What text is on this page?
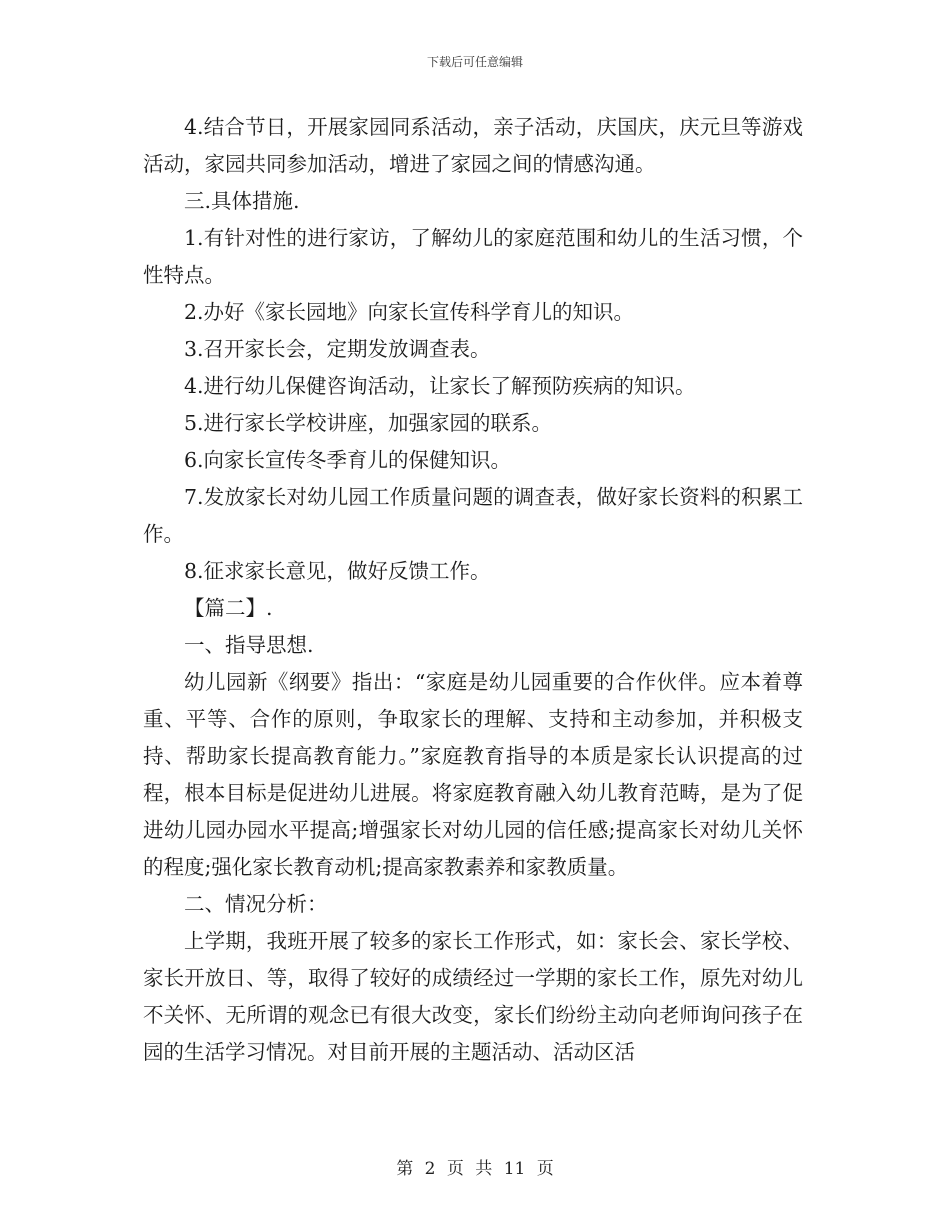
下载后可任意编辑

4.结合节日，开展家园同系活动，亲子活动，庆国庆，庆元旦等游戏活动，家园共同参加活动，增进了家园之间的情感沟通。

三.具体措施.

1.有针对性的进行家访，了解幼儿的家庭范围和幼儿的生活习惯，个性特点。

2.办好《家长园地》向家长宣传科学育儿的知识。

3.召开家长会，定期发放调查表。

4.进行幼儿保健咨询活动，让家长了解预防疾病的知识。

5.进行家长学校讲座，加强家园的联系。

6.向家长宣传冬季育儿的保健知识。

7.发放家长对幼儿园工作质量问题的调查表，做好家长资料的积累工作。

8.征求家长意见，做好反馈工作。

【篇二】.

一、指导思想.

幼儿园新《纲要》指出：“家庭是幼儿园重要的合作伙伴。应本着尊重、平等、合作的原则，争取家长的理解、支持和主动参加，并积极支持、帮助家长提高教育能力。”家庭教育指导的本质是家长认识提高的过程，根本目标是促进幼儿进展。将家庭教育融入幼儿教育范畴，是为了促进幼儿园办园水平提高;增强家长对幼儿园的信任感;提高家长对幼儿关怀的程度;强化家长教育动机;提高家教素养和家教质量。

二、情况分析：

上学期，我班开展了较多的家长工作形式，如：家长会、家长学校、家长开放日、等，取得了较好的成绩经过一学期的家长工作，原先对幼儿不关怀、无所谓的观念已有很大改变，家长们纷纷主动向老师询问孩子在园的生活学习情况。对目前开展的主题活动、活动区活

第 2 页 共 11 页
